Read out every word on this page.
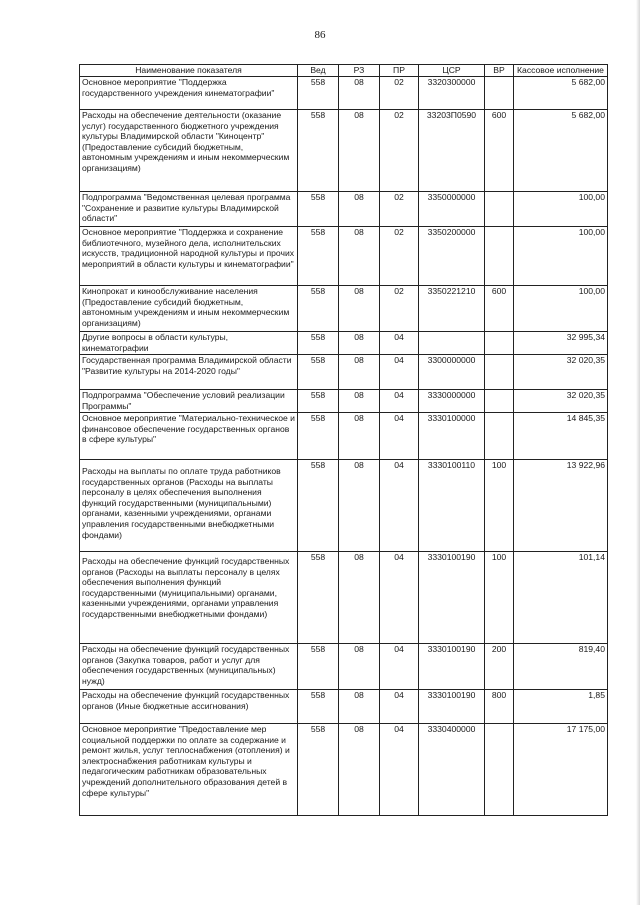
86
Наименование показателя	Вед	РЗ	ПР	ЦСР	ВР	Кассовое исполнение
Основное мероприятие "Поддержка государственного учреждения кинематографии"	558	08	02	3320300000		5 682,00
Расходы на обеспечение деятельности (оказание услуг) государственного бюджетного учреждения культуры Владимирской области "Киноцентр" (Предоставление субсидий бюджетным, автономным учреждениям и иным некоммерческим организациям)	558	08	02	33203П0590	600	5 682,00
Подпрограмма "Ведомственная целевая программа "Сохранение и развитие культуры Владимирской области"	558	08	02	3350000000		100,00
Основное мероприятие "Поддержка и сохранение библиотечного, музейного дела, исполнительских искусств, традиционной народной культуры и прочих мероприятий в области культуры и кинематографии"	558	08	02	3350200000		100,00
Кинопрокат и кинообслуживание населения (Предоставление субсидий бюджетным, автономным учреждениям и иным некоммерческим организациям)	558	08	02	3350221210	600	100,00
Другие вопросы в области культуры, кинематографии	558	08	04			32 995,34
Государственная программа Владимирской области "Развитие культуры на 2014-2020 годы"	558	08	04	3300000000		32 020,35
Подпрограмма "Обеспечение условий реализации Программы"	558	08	04	3330000000		32 020,35
Основное мероприятие "Материально-техническое и финансовое обеспечение государственных органов в сфере культуры"	558	08	04	3330100000		14 845,35
Расходы на выплаты по оплате труда работников государственных органов (Расходы на выплаты персоналу в целях обеспечения выполнения функций государственными (муниципальными) органами, казенными учреждениями, органами управления государственными внебюджетными фондами)	558	08	04	3330100110	100	13 922,96
Расходы на обеспечение функций государственных органов (Расходы на выплаты персоналу в целях обеспечения выполнения функций государственными (муниципальными) органами, казенными учреждениями, органами управления государственными внебюджетными фондами)	558	08	04	3330100190	100	101,14
Расходы на обеспечение функций государственных органов (Закупка товаров, работ и услуг для обеспечения государственных (муниципальных) нужд)	558	08	04	3330100190	200	819,40
Расходы на обеспечение функций государственных органов (Иные бюджетные ассигнования)	558	08	04	3330100190	800	1,85
Основное мероприятие "Предоставление мер социальной поддержки по оплате за содержание и ремонт жилья, услуг теплоснабжения (отопления) и электроснабжения работникам культуры и педагогическим работникам образовательных учреждений дополнительного образования детей в сфере культуры"	558	08	04	3330400000		17 175,00
